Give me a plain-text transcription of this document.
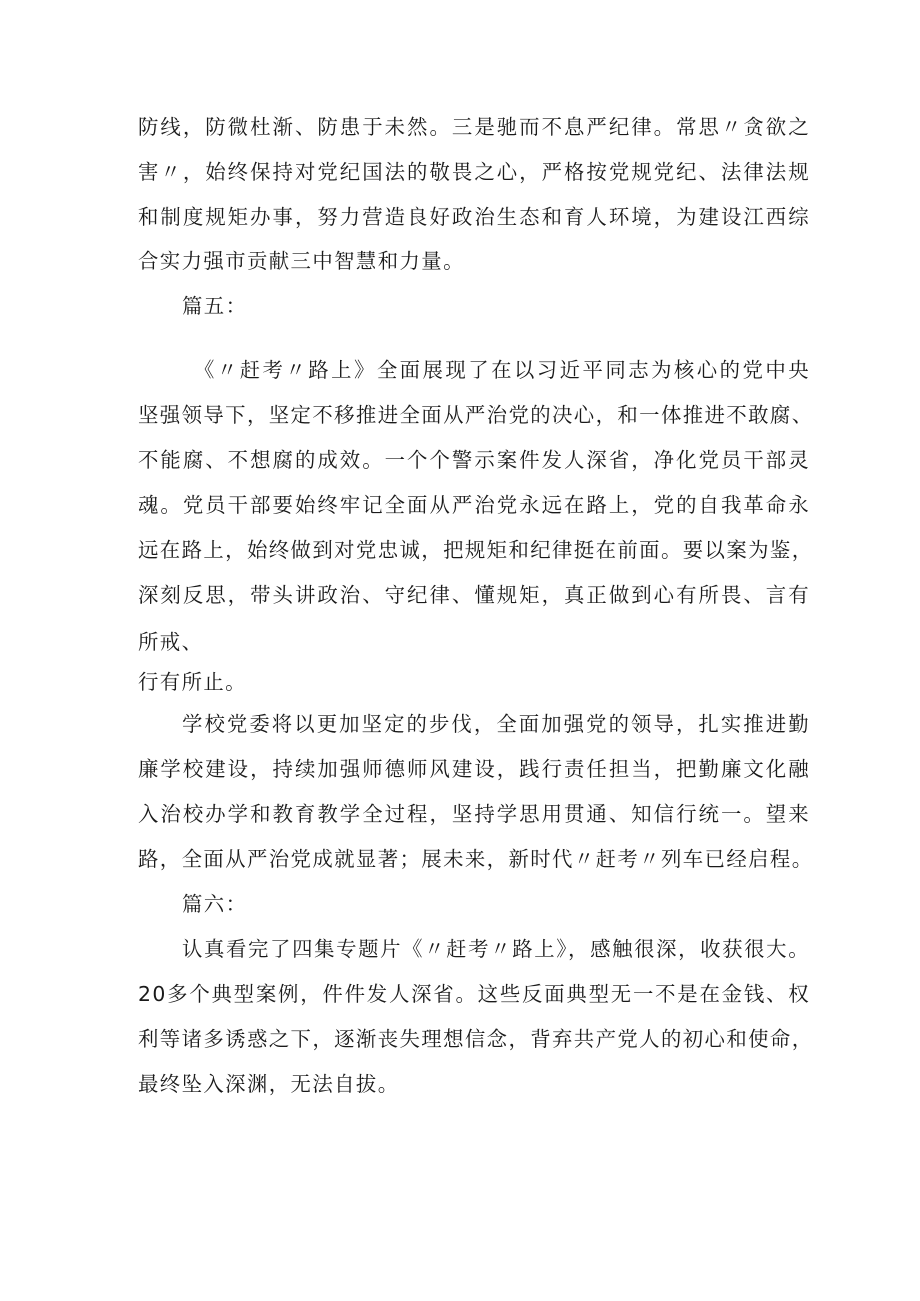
防线，防微杜渐、防患于未然。三是驰而不息严纪律。常思〃贪欲之
害〃，始终保持对党纪国法的敬畏之心，严格按党规党纪、法律法规
和制度规矩办事，努力营造良好政治生态和育人环境，为建设江西综
合实力强市贡献三中智慧和力量。
篇五：
《〃赶考〃路上》全面展现了在以习近平同志为核心的党中央
坚强领导下，坚定不移推进全面从严治党的决心，和一体推进不敢腐、
不能腐、不想腐的成效。一个个警示案件发人深省，净化党员干部灵
魂。党员干部要始终牢记全面从严治党永远在路上，党的自我革命永
远在路上，始终做到对党忠诚，把规矩和纪律挺在前面。要以案为鉴，
深刻反思，带头讲政治、守纪律、懂规矩，真正做到心有所畏、言有
所戒、
行有所止。
学校党委将以更加坚定的步伐，全面加强党的领导，扎实推进勤
廉学校建设，持续加强师德师风建设，践行责任担当，把勤廉文化融
入治校办学和教育教学全过程，坚持学思用贯通、知信行统一。望来
路，全面从严治党成就显著；展未来，新时代〃赶考〃列车已经启程。
篇六：
认真看完了四集专题片《〃赶考〃路上》，感触很深，收获很大。
20多个典型案例，件件发人深省。这些反面典型无一不是在金钱、权
利等诸多诱惑之下，逐渐丧失理想信念，背弃共产党人的初心和使命，
最终坠入深渊，无法自拔。
